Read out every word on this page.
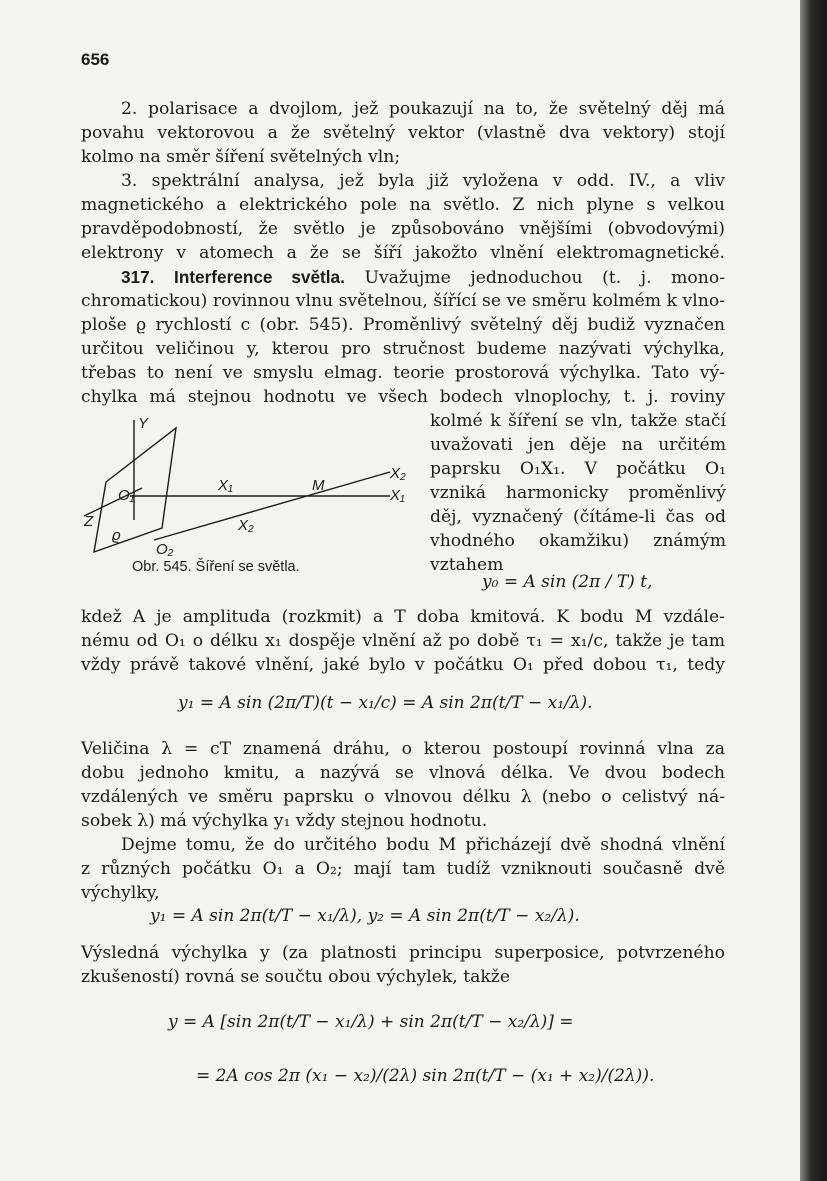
656
2. polarisace a dvojlom, jež poukazují na to, že světelný děj má
povahu vektorovou a že světelný vektor (vlastně dva vektory) stojí
kolmo na směr šíření světelných vln;
3. spektrální analysa, jež byla již vyložena v odd. IV., a vliv
magnetického a elektrického pole na světlo. Z nich plyne s velkou
pravděpodobností, že světlo je způsobováno vnějšími (obvodovými)
elektrony v atomech a že se šíří jakožto vlnění elektromagnetické.
317. Interference světla. Uvažujme jednoduchou (t. j. mono-
chromatickou) rovinnou vlnu světelnou, šířící se ve směru kolmém k vlno-
ploše ϱ rychlostí c (obr. 545). Proměnlivý světelný děj budiž vyznačen
určitou veličinou y, kterou pro stručnost budeme nazývati výchylka,
třebas to není ve smyslu elmag. teorie prostorová výchylka. Tato vý-
chylka má stejnou hodnotu ve všech bodech vlnoplochy, t. j. roviny
kolmé k šíření se vln, takže stačí
uvažovati jen děje na určitém
paprsku O₁X₁. V počátku O₁
vzniká harmonicky proměnlivý
děj, vyznačený (čítáme-li čas od
vhodného okamžiku) známým
vztahem
Y
Z
O₁
O₂
ϱ
X₁
X₂
M
X₁
X₂
Obr. 545. Šíření se světla.
y₀ = A sin (2π / T) t,
kdež A je amplituda (rozkmit) a T doba kmitová. K bodu M vzdále-
nému od O₁ o délku x₁ dospěje vlnění až po době τ₁ = x₁/c, takže je tam
vždy právě takové vlnění, jaké bylo v počátku O₁ před dobou τ₁, tedy
y₁ = A sin (2π/T)(t − x₁/c) = A sin 2π(t/T − x₁/λ).
Veličina λ = cT znamená dráhu, o kterou postoupí rovinná vlna za
dobu jednoho kmitu, a nazývá se vlnová délka. Ve dvou bodech
vzdálených ve směru paprsku o vlnovou délku λ (nebo o celistvý ná-
sobek λ) má výchylka y₁ vždy stejnou hodnotu.
Dejme tomu, že do určitého bodu M přicházejí dvě shodná vlnění
z různých počátku O₁ a O₂; mají tam tudíž vzniknouti současně dvě
výchylky,
y₁ = A sin 2π(t/T − x₁/λ), y₂ = A sin 2π(t/T − x₂/λ).
Výsledná výchylka y (za platnosti principu superposice, potvrzeného
zkušeností) rovná se součtu obou výchylek, takže
y = A [sin 2π(t/T − x₁/λ) + sin 2π(t/T − x₂/λ)] =
= 2A cos 2π (x₁ − x₂)/(2λ) sin 2π(t/T − (x₁ + x₂)/(2λ)).
